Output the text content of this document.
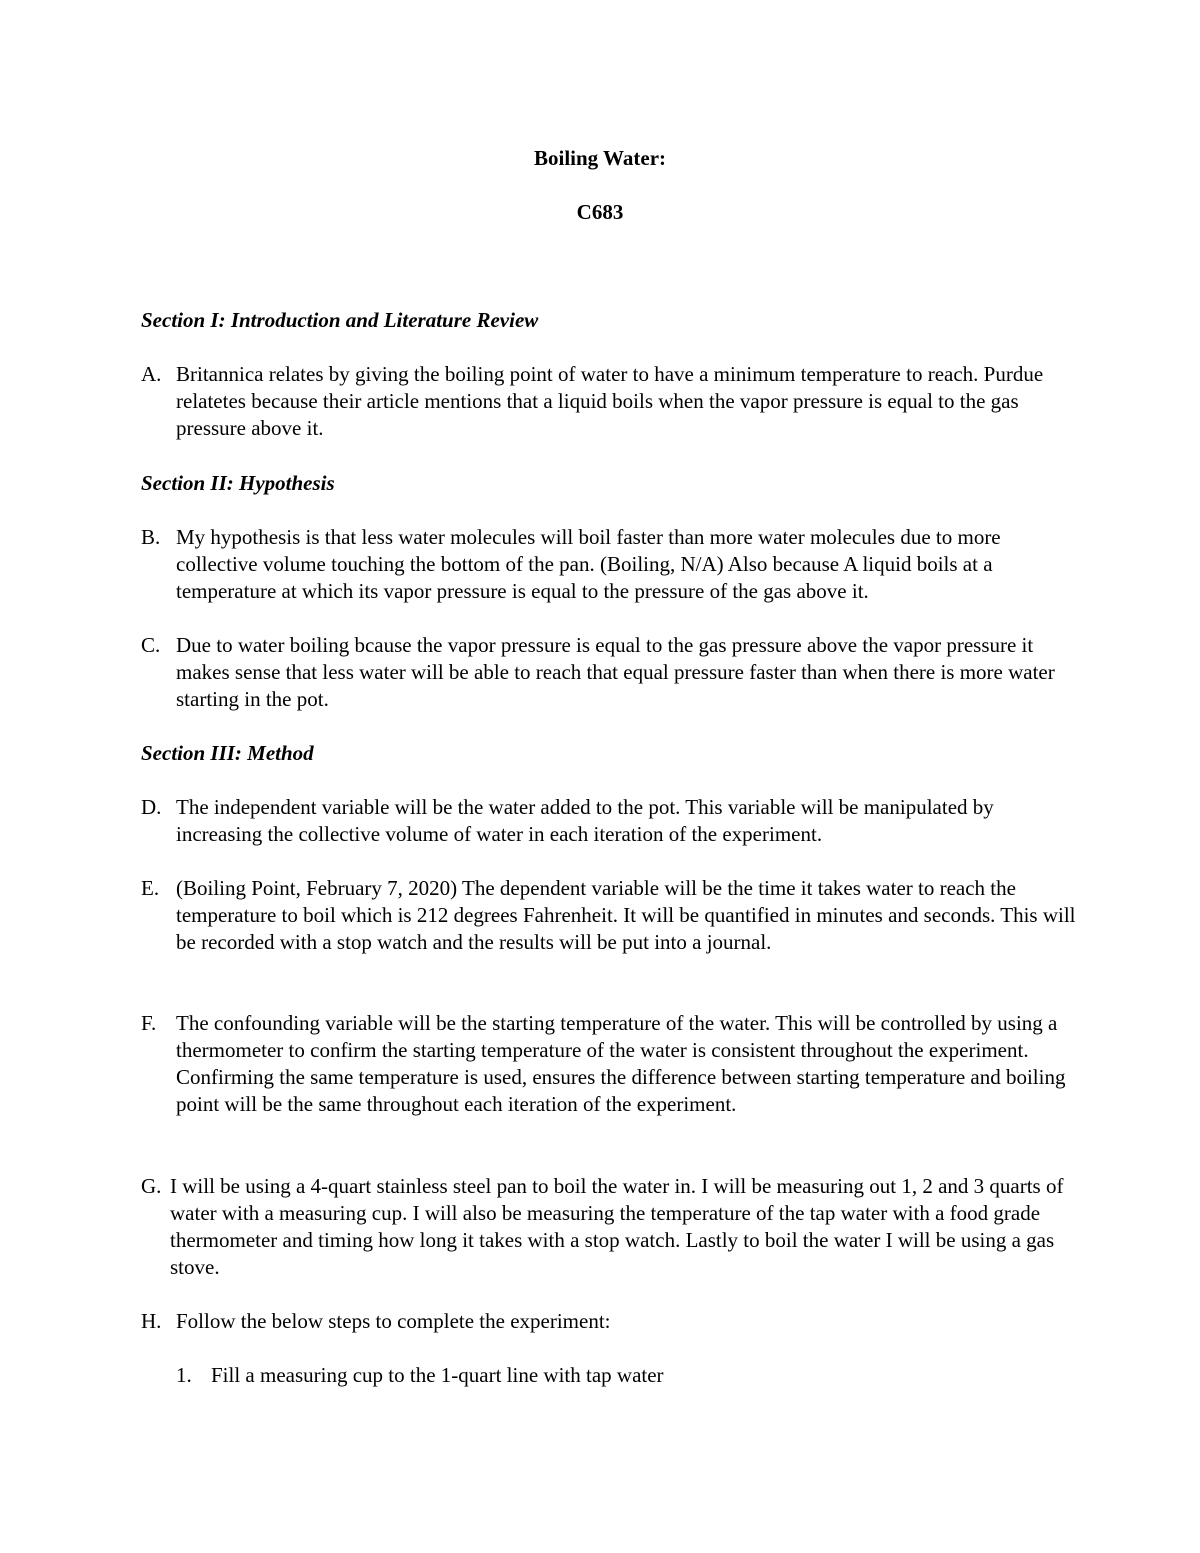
Boiling Water:
C683
Section I: Introduction and Literature Review
A. Britannica relates by giving the boiling point of water to have a minimum temperature to reach. Purdue relatetes because their article mentions that a liquid boils when the vapor pressure is equal to the gas pressure above it.
Section II: Hypothesis
B. My hypothesis is that less water molecules will boil faster than more water molecules due to more collective volume touching the bottom of the pan. (Boiling, N/A) Also because A liquid boils at a temperature at which its vapor pressure is equal to the pressure of the gas above it.
C. Due to water boiling bcause the vapor pressure is equal to the gas pressure above the vapor pressure it makes sense that less water will be able to reach that equal pressure faster than when there is more water starting in the pot.
Section III: Method
D. The independent variable will be the water added to the pot. This variable will be manipulated by increasing the collective volume of water in each iteration of the experiment.
E. (Boiling Point, February 7, 2020) The dependent variable will be the time it takes water to reach the temperature to boil which is 212 degrees Fahrenheit. It will be quantified in minutes and seconds. This will be recorded with a stop watch and the results will be put into a journal.
F. The confounding variable will be the starting temperature of the water. This will be controlled by using a thermometer to confirm the starting temperature of the water is consistent throughout the experiment. Confirming the same temperature is used, ensures the difference between starting temperature and boiling point will be the same throughout each iteration of the experiment.
G. I will be using a 4-quart stainless steel pan to boil the water in. I will be measuring out 1, 2 and 3 quarts of water with a measuring cup. I will also be measuring the temperature of the tap water with a food grade thermometer and timing how long it takes with a stop watch. Lastly to boil the water I will be using a gas stove.
H. Follow the below steps to complete the experiment:
1. Fill a measuring cup to the 1-quart line with tap water
